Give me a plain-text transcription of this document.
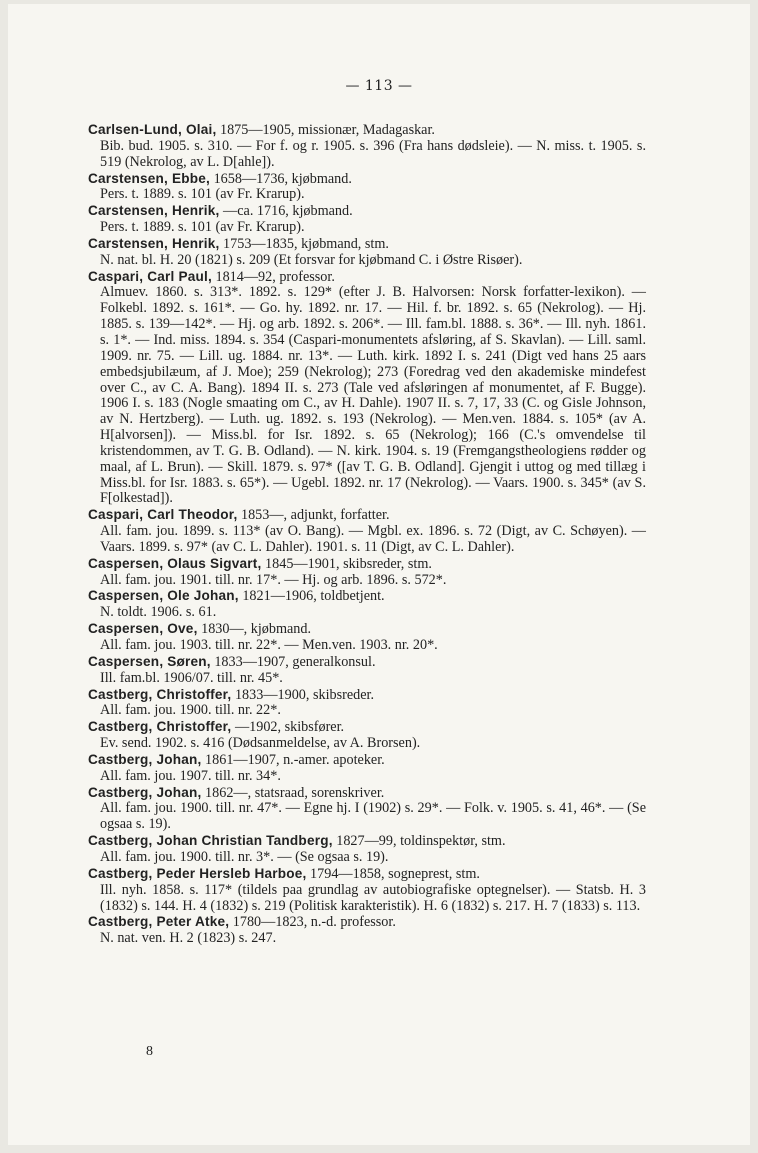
— 113 —
Carlsen-Lund, Olai, 1875—1905, missionær, Madagaskar.
Bib. bud. 1905. s. 310. — For f. og r. 1905. s. 396 (Fra hans dødsleie). — N. miss. t. 1905. s. 519 (Nekrolog, av L. D[ahle]).
Carstensen, Ebbe, 1658—1736, kjøbmand.
Pers. t. 1889. s. 101 (av Fr. Krarup).
Carstensen, Henrik, —ca. 1716, kjøbmand.
Pers. t. 1889. s. 101 (av Fr. Krarup).
Carstensen, Henrik, 1753—1835, kjøbmand, stm.
N. nat. bl. H. 20 (1821) s. 209 (Et forsvar for kjøbmand C. i Østre Risøer).
Caspari, Carl Paul, 1814—92, professor.
Almuev. 1860. s. 313*. 1892. s. 129* (efter J. B. Halvorsen: Norsk forfatter-lexikon). — Folkebl. 1892. s. 161*. — Go. hy. 1892. nr. 17. — Hil. f. br. 1892. s. 65 (Nekrolog). — Hj. 1885. s. 139—142*. — Hj. og arb. 1892. s. 206*. — Ill. fam.bl. 1888. s. 36*. — Ill. nyh. 1861. s. 1*. — Ind. miss. 1894. s. 354 (Caspari-monumentets afsløring, af S. Skavlan). — Lill. saml. 1909. nr. 75. — Lill. ug. 1884. nr. 13*. — Luth. kirk. 1892 I. s. 241 (Digt ved hans 25 aars embedsjubilæum, af J. Moe); 259 (Nekrolog); 273 (Foredrag ved den akademiske mindefest over C., av C. A. Bang). 1894 II. s. 273 (Tale ved afsløringen af monumentet, af F. Bugge). 1906 I. s. 183 (Nogle smaating om C., av H. Dahle). 1907 II. s. 7, 17, 33 (C. og Gisle Johnson, av N. Hertzberg). — Luth. ug. 1892. s. 193 (Nekrolog). — Men.ven. 1884. s. 105* (av A. H[alvorsen]). — Miss.bl. for Isr. 1892. s. 65 (Nekrolog); 166 (C.'s omvendelse til kristendommen, av T. G. B. Odland). — N. kirk. 1904. s. 19 (Fremgangstheologiens rødder og maal, af L. Brun). — Skill. 1879. s. 97* ([av T. G. B. Odland]. Gjengit i uttog og med tillæg i Miss.bl. for Isr. 1883. s. 65*). — Ugebl. 1892. nr. 17 (Nekrolog). — Vaars. 1900. s. 345* (av S. F[olkestad]).
Caspari, Carl Theodor, 1853—, adjunkt, forfatter.
All. fam. jou. 1899. s. 113* (av O. Bang). — Mgbl. ex. 1896. s. 72 (Digt, av C. Schøyen). — Vaars. 1899. s. 97* (av C. L. Dahler). 1901. s. 11 (Digt, av C. L. Dahler).
Caspersen, Olaus Sigvart, 1845—1901, skibsreder, stm.
All. fam. jou. 1901. till. nr. 17*. — Hj. og arb. 1896. s. 572*.
Caspersen, Ole Johan, 1821—1906, toldbetjent.
N. toldt. 1906. s. 61.
Caspersen, Ove, 1830—, kjøbmand.
All. fam. jou. 1903. till. nr. 22*. — Men.ven. 1903. nr. 20*.
Caspersen, Søren, 1833—1907, generalkonsul.
Ill. fam.bl. 1906/07. till. nr. 45*.
Castberg, Christoffer, 1833—1900, skibsreder.
All. fam. jou. 1900. till. nr. 22*.
Castberg, Christoffer, —1902, skibsfører.
Ev. send. 1902. s. 416 (Dødsanmeldelse, av A. Brorsen).
Castberg, Johan, 1861—1907, n.-amer. apoteker.
All. fam. jou. 1907. till. nr. 34*.
Castberg, Johan, 1862—, statsraad, sorenskriver.
All. fam. jou. 1900. till. nr. 47*. — Egne hj. I (1902) s. 29*. — Folk. v. 1905. s. 41, 46*. — (Se ogsaa s. 19).
Castberg, Johan Christian Tandberg, 1827—99, toldinspektør, stm.
All. fam. jou. 1900. till. nr. 3*. — (Se ogsaa s. 19).
Castberg, Peder Hersleb Harboe, 1794—1858, sogneprest, stm.
Ill. nyh. 1858. s. 117* (tildels paa grundlag av autobiografiske optegnelser). — Statsb. H. 3 (1832) s. 144. H. 4 (1832) s. 219 (Politisk karakteristik). H. 6 (1832) s. 217. H. 7 (1833) s. 113.
Castberg, Peter Atke, 1780—1823, n.-d. professor.
N. nat. ven. H. 2 (1823) s. 247.
8
